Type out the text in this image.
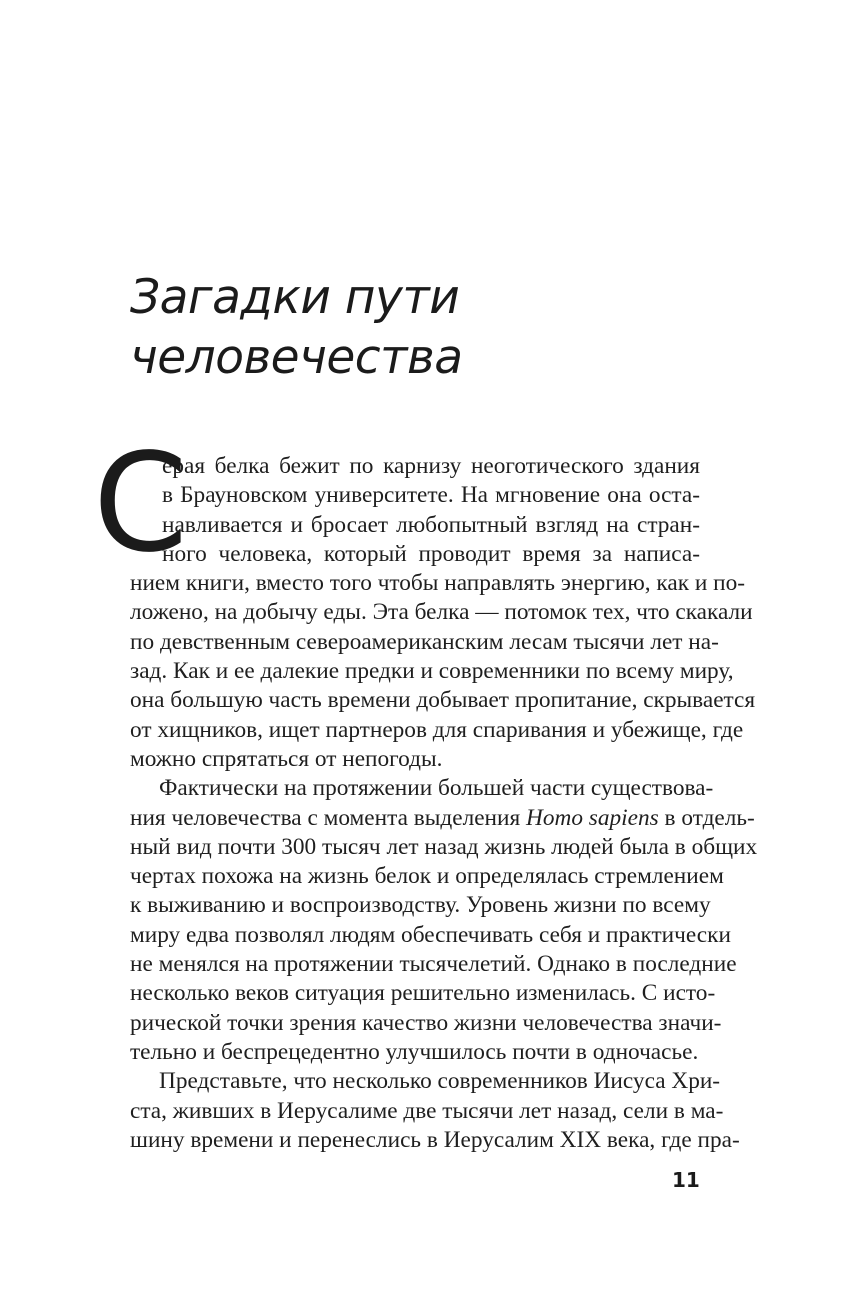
Загадки пути
человечества
С
ерая белка бежит по карнизу неоготического здания
в Брауновском университете. На мгновение она оста-
навливается и бросает любопытный взгляд на стран-
ного человека, который проводит время за написа-
нием книги, вместо того чтобы направлять энергию, как и по-
ложено, на добычу еды. Эта белка — потомок тех, что скакали
по девственным североамериканским лесам тысячи лет на-
зад. Как и ее далекие предки и современники по всему миру,
она большую часть времени добывает пропитание, скрывается
от хищников, ищет партнеров для спаривания и убежище, где
можно спрятаться от непогоды.
Фактически на протяжении большей части существова-
ния человечества с момента выделения Homo sapiens в отдель-
ный вид почти 300 тысяч лет назад жизнь людей была в общих
чертах похожа на жизнь белок и определялась стремлением
к выживанию и воспроизводству. Уровень жизни по всему
миру едва позволял людям обеспечивать себя и практически
не менялся на протяжении тысячелетий. Однако в последние
несколько веков ситуация решительно изменилась. С исто-
рической точки зрения качество жизни человечества значи-
тельно и беспрецедентно улучшилось почти в одночасье.
Представьте, что несколько современников Иисуса Хри-
ста, живших в Иерусалиме две тысячи лет назад, сели в ма-
шину времени и перенеслись в Иерусалим XIX века, где пра-
11
